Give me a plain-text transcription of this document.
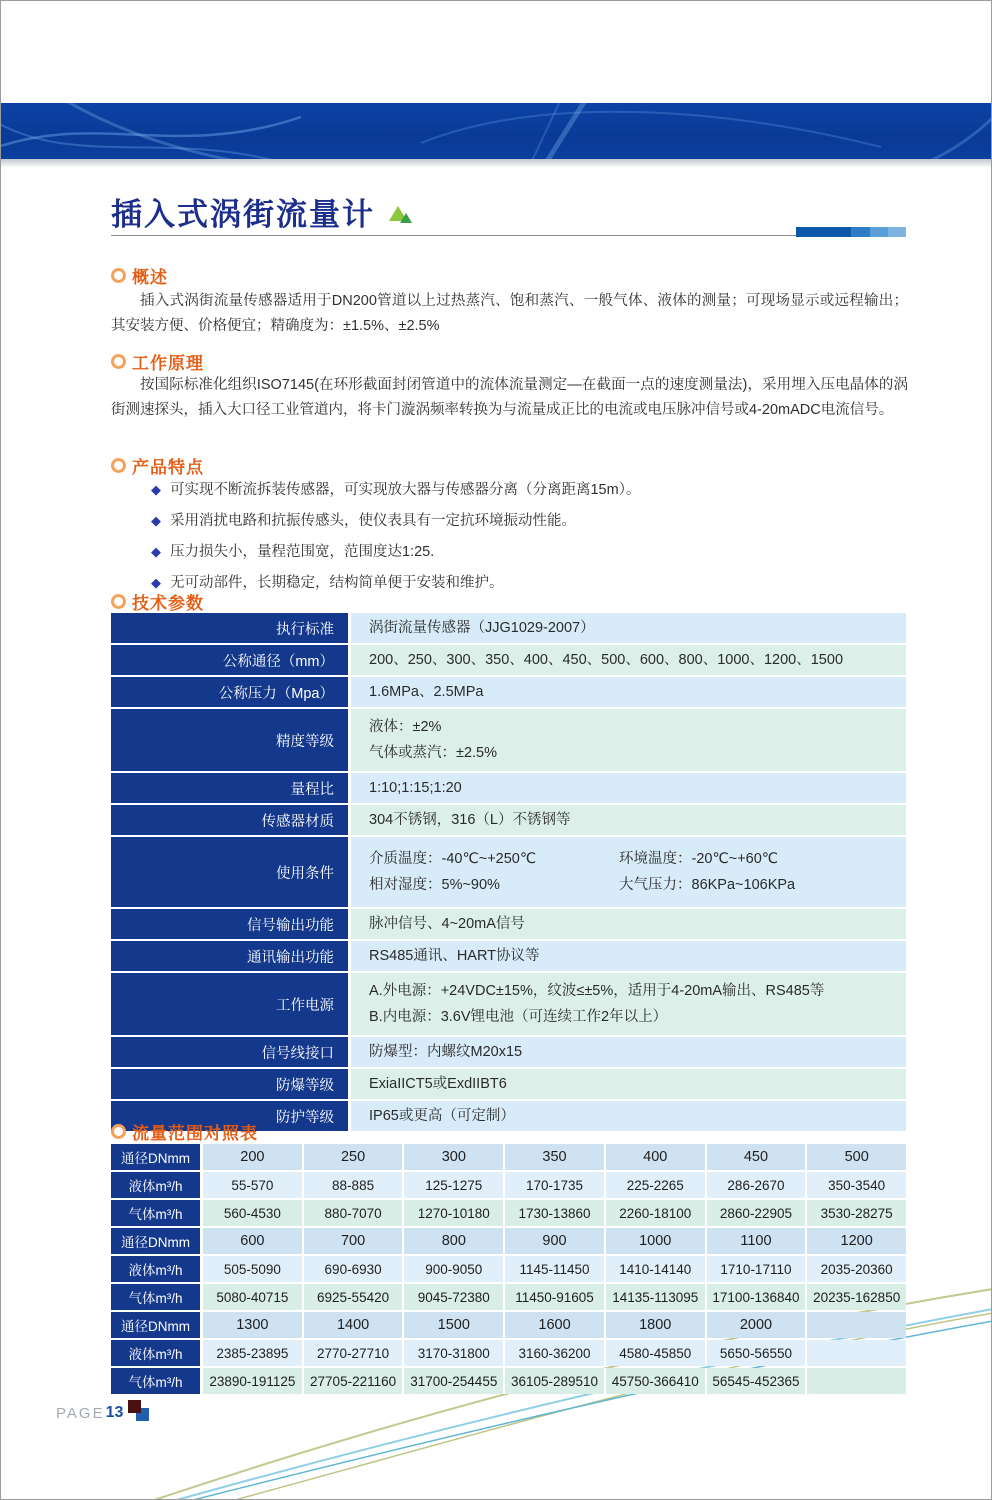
插入式涡街流量计
概述
插入式涡街流量传感器适用于DN200管道以上过热蒸汽、饱和蒸汽、一般气体、液体的测量；可现场显示或远程输出；其安装方便、价格便宜；精确度为：±1.5%、±2.5%
工作原理
按国际标准化组织ISO7145(在环形截面封闭管道中的流体流量测定—在截面一点的速度测量法)，采用埋入压电晶体的涡街测速探头，插入大口径工业管道内，将卡门漩涡频率转换为与流量成正比的电流或电压脉冲信号或4-20mADC电流信号。
产品特点
◆ 可实现不断流拆装传感器，可实现放大器与传感器分离（分离距离15m）。
◆ 采用消扰电路和抗振传感头，使仪表具有一定抗环境振动性能。
◆ 压力损失小，量程范围宽，范围度达1:25.
◆ 无可动部件，长期稳定，结构简单便于安装和维护。
技术参数
执行标准	涡街流量传感器（JJG1029-2007）
公称通径（mm）	200、250、300、350、400、450、500、600、800、1000、1200、1500
公称压力（Mpa）	1.6MPa、2.5MPa
精度等级
液体：±2%
气体或蒸汽：±2.5%
量程比	1:10;1:15;1:20
传感器材质	304不锈钢，316（L）不锈钢等
使用条件
介质温度：-40℃~+250℃	环境温度：-20℃~+60℃
相对湿度：5%~90%	大气压力：86KPa~106KPa
信号输出功能	脉冲信号、4~20mA信号
通讯输出功能	RS485通讯、HART协议等
工作电源
A.外电源：+24VDC±15%，纹波≤±5%，适用于4-20mA输出、RS485等
B.内电源：3.6V锂电池（可连续工作2年以上）
信号线接口	防爆型：内螺纹M20x15
防爆等级	ExiaIICT5或ExdIIBT6
防护等级	IP65或更高（可定制）
流量范围对照表
通径DNmm	200	250	300	350	400	450	500
液体m³/h	55-570	88-885	125-1275	170-1735	225-2265	286-2670	350-3540
气体m³/h	560-4530	880-7070	1270-10180	1730-13860	2260-18100	2860-22905	3530-28275
通径DNmm	600	700	800	900	1000	1100	1200
液体m³/h	505-5090	690-6930	900-9050	1145-11450	1410-14140	1710-17110	2035-20360
气体m³/h	5080-40715	6925-55420	9045-72380	11450-91605	14135-113095	17100-136840	20235-162850
通径DNmm	1300	1400	1500	1600	1800	2000
液体m³/h	2385-23895	2770-27710	3170-31800	3160-36200	4580-45850	5650-56550
气体m³/h	23890-191125	27705-221160	31700-254455	36105-289510	45750-366410	56545-452365
PAGE 13
